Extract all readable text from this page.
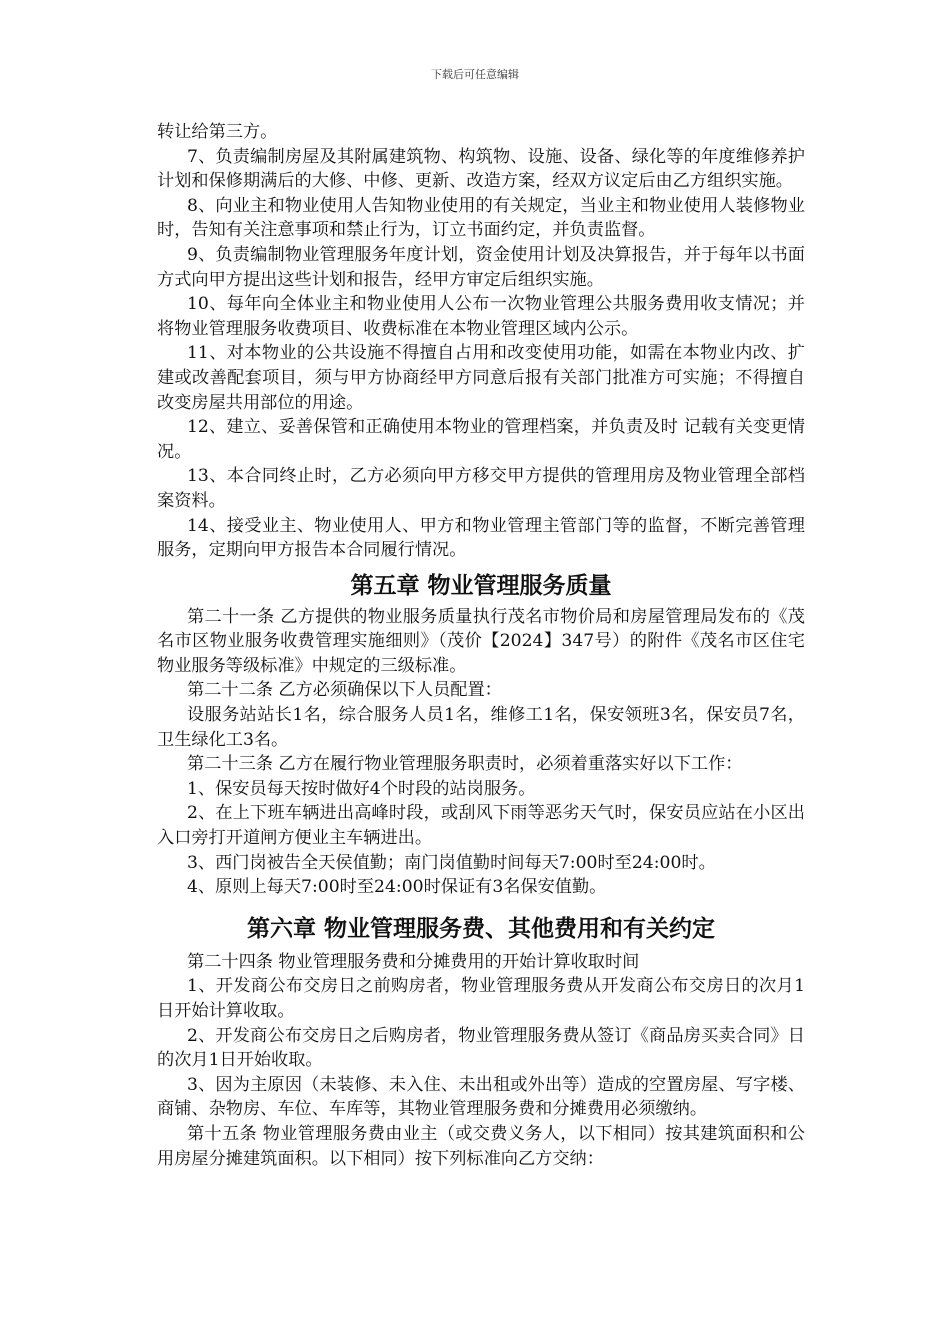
下载后可任意编辑

转让给第三方。

7、负责编制房屋及其附属建筑物、构筑物、设施、设备、绿化等的年度维修养护计划和保修期满后的大修、中修、更新、改造方案，经双方议定后由乙方组织实施。

8、向业主和物业使用人告知物业使用的有关规定，当业主和物业使用人装修物业时，告知有关注意事项和禁止行为，订立书面约定，并负责监督。

9、负责编制物业管理服务年度计划，资金使用计划及决算报告，并于每年以书面方式向甲方提出这些计划和报告，经甲方审定后组织实施。

10、每年向全体业主和物业使用人公布一次物业管理公共服务费用收支情况；并将物业管理服务收费项目、收费标准在本物业管理区域内公示。

11、对本物业的公共设施不得擅自占用和改变使用功能，如需在本物业内改、扩建或改善配套项目，须与甲方协商经甲方同意后报有关部门批准方可实施；不得擅自改变房屋共用部位的用途。

12、建立、妥善保管和正确使用本物业的管理档案，并负责及时 记载有关变更情况。

13、本合同终止时，乙方必须向甲方移交甲方提供的管理用房及物业管理全部档案资料。

14、接受业主、物业使用人、甲方和物业管理主管部门等的监督，不断完善管理服务，定期向甲方报告本合同履行情况。

第五章 物业管理服务质量

第二十一条 乙方提供的物业服务质量执行茂名市物价局和房屋管理局发布的《茂名市区物业服务收费管理实施细则》（茂价【2024】347号）的附件《茂名市区住宅物业服务等级标准》中规定的三级标准。

第二十二条 乙方必须确保以下人员配置：

设服务站站长1名，综合服务人员1名，维修工1名，保安领班3名，保安员7名，卫生绿化工3名。

第二十三条 乙方在履行物业管理服务职责时，必须着重落实好以下工作：

1、保安员每天按时做好4个时段的站岗服务。

2、在上下班车辆进出高峰时段，或刮风下雨等恶劣天气时，保安员应站在小区出入口旁打开道闸方便业主车辆进出。

3、西门岗被告全天侯值勤；南门岗值勤时间每天7:00时至24:00时。

4、原则上每天7:00时至24:00时保证有3名保安值勤。

第六章 物业管理服务费、其他费用和有关约定

第二十四条 物业管理服务费和分摊费用的开始计算收取时间

1、开发商公布交房日之前购房者，物业管理服务费从开发商公布交房日的次月1日开始计算收取。

2、开发商公布交房日之后购房者，物业管理服务费从签订《商品房买卖合同》日的次月1日开始收取。

3、因为主原因（未装修、未入住、未出租或外出等）造成的空置房屋、写字楼、商铺、杂物房、车位、车库等，其物业管理服务费和分摊费用必须缴纳。

第十五条 物业管理服务费由业主（或交费义务人，以下相同）按其建筑面积和公用房屋分摊建筑面积。以下相同）按下列标准向乙方交纳：
